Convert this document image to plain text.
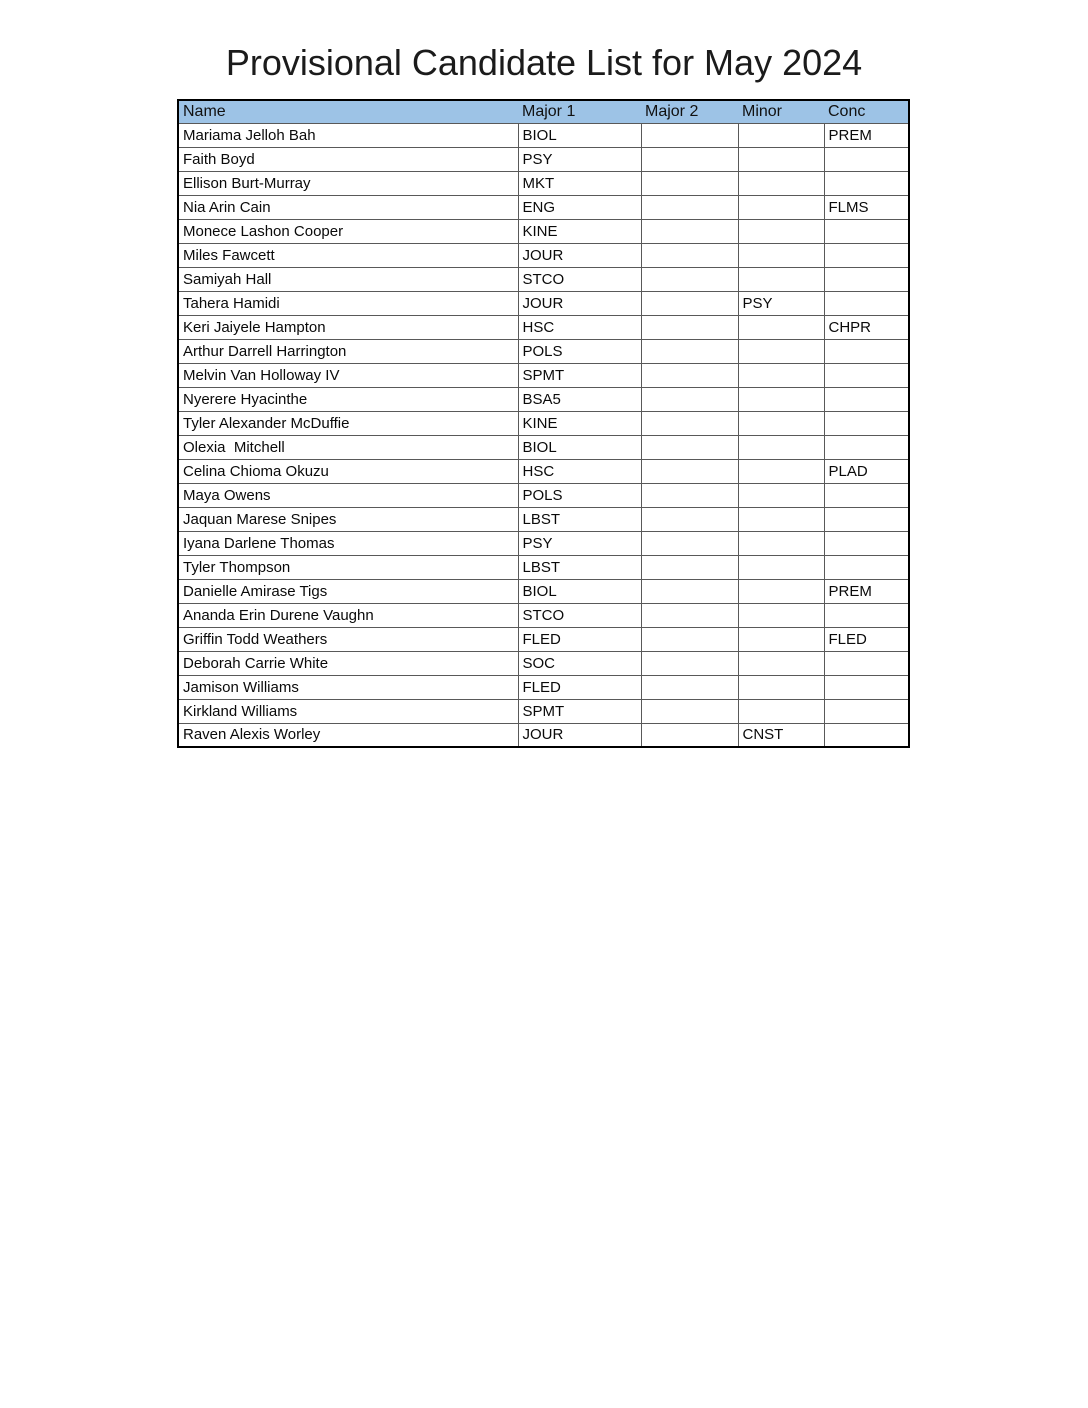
Provisional Candidate List for May 2024
Name	Major 1	Major 2	Minor	Conc
Mariama Jelloh Bah	BIOL			PREM
Faith Boyd	PSY			
Ellison Burt-Murray	MKT			
Nia Arin Cain	ENG			FLMS
Monece Lashon Cooper	KINE			
Miles Fawcett	JOUR			
Samiyah Hall	STCO			
Tahera Hamidi	JOUR		PSY	
Keri Jaiyele Hampton	HSC			CHPR
Arthur Darrell Harrington	POLS			
Melvin Van Holloway IV	SPMT			
Nyerere Hyacinthe	BSA5			
Tyler Alexander McDuffie	KINE			
Olexia  Mitchell	BIOL			
Celina Chioma Okuzu	HSC			PLAD
Maya Owens	POLS			
Jaquan Marese Snipes	LBST			
Iyana Darlene Thomas	PSY			
Tyler Thompson	LBST			
Danielle Amirase Tigs	BIOL			PREM
Ananda Erin Durene Vaughn	STCO			
Griffin Todd Weathers	FLED			FLED
Deborah Carrie White	SOC			
Jamison Williams	FLED			
Kirkland Williams	SPMT			
Raven Alexis Worley	JOUR		CNST	
